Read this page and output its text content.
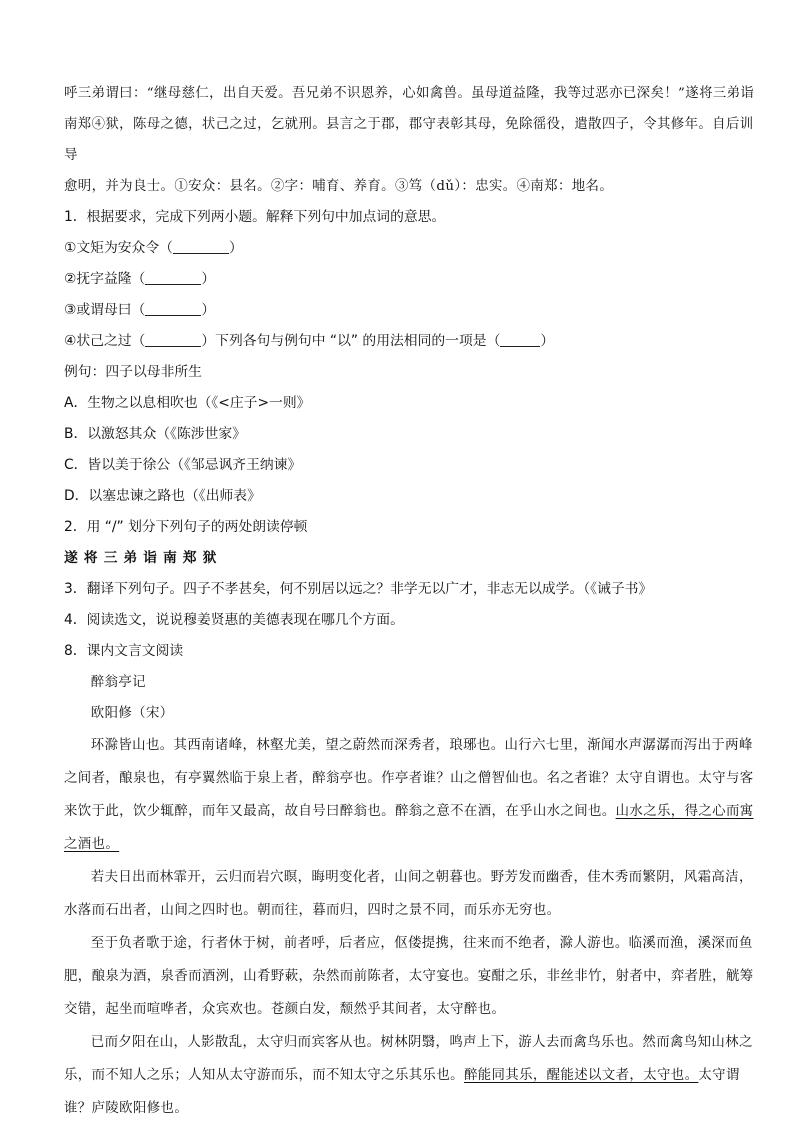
呼三弟谓曰：“继母慈仁，出自天爱。吾兄弟不识恩养，心如禽兽。虽母道益隆，我等过恶亦已深矣！”遂将三弟诣

南郑④狱，陈母之德，状己之过，乞就刑。县言之于郡，郡守表彰其母，免除徭役，遣散四子，令其修年。自后训导

愈明，并为良士。①安众：县名。②字：哺育、养育。③笃（dǔ）：忠实。④南郑：地名。

1．根据要求，完成下列两小题。解释下列句中加点词的意思。

①文矩为安众令（	）

②抚字益隆（	）

③或谓母曰（	）

④状己之过（	）下列各句与例句中 “以” 的用法相同的一项是（	）

例句：四子以母非所生

A．生物之以息相吹也（《<庄子>一则》

B．以激怒其众（《陈涉世家》

C．皆以美于徐公（《邹忌讽齐王纳谏》

D．以塞忠谏之路也（《出师表》

2．用 “/” 划分下列句子的两处朗读停顿

遂将三弟诣南郑狱

3．翻译下列句子。四子不孝甚矣，何不别居以远之？非学无以广才，非志无以成学。（《诫子书》

4．阅读选文，说说穆姜贤惠的美德表现在哪几个方面。

8．课内文言文阅读

醉翁亭记

欧阳修（宋）

环滁皆山也。其西南诸峰，林壑尤美，望之蔚然而深秀者，琅琊也。山行六七里，渐闻水声潺潺而泻出于两峰之间者，酿泉也，有亭翼然临于泉上者，醉翁亭也。作亭者谁？山之僧智仙也。名之者谁？太守自谓也。太守与客来饮于此，饮少辄醉，而年又最高，故自号曰醉翁也。醉翁之意不在酒，在乎山水之间也。山水之乐，得之心而寓之酒也。

若夫日出而林霏开，云归而岩穴暝，晦明变化者，山间之朝暮也。野芳发而幽香，佳木秀而繁阴，风霜高洁，水落而石出者，山间之四时也。朝而往，暮而归，四时之景不同，而乐亦无穷也。

至于负者歌于途，行者休于树，前者呼，后者应，伛偻提携，往来而不绝者，滁人游也。临溪而渔，溪深而鱼肥，酿泉为酒，泉香而酒洌，山肴野蔌，杂然而前陈者，太守宴也。宴酣之乐，非丝非竹，射者中，弈者胜，觥筹交错，起坐而喧哗者，众宾欢也。苍颜白发，颓然乎其间者，太守醉也。

已而夕阳在山，人影散乱，太守归而宾客从也。树林阴翳，鸣声上下，游人去而禽鸟乐也。然而禽鸟知山林之乐，而不知人之乐；人知从太守游而乐，而不知太守之乐其乐也。醉能同其乐，醒能述以文者，太守也。太守谓谁？庐陵欧阳修也。
